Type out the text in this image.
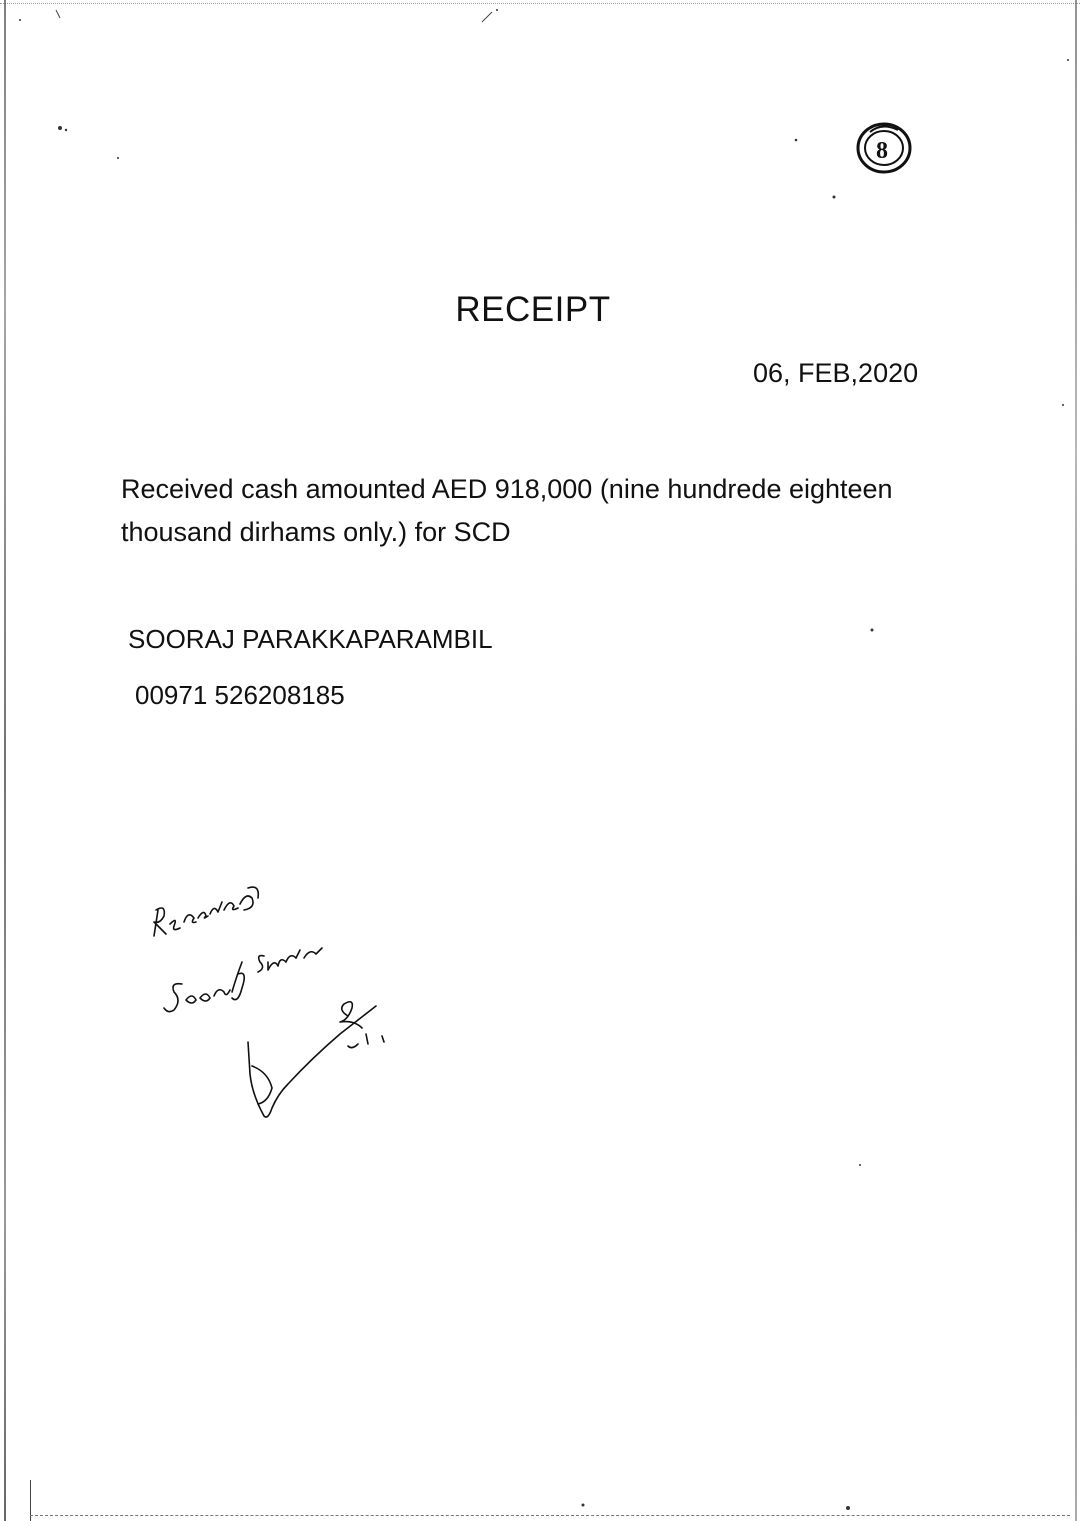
8
RECEIPT
06, FEB,2020
Received cash amounted AED 918,000 (nine hundrede eighteen
thousand dirhams only.) for SCD
SOORAJ PARAKKAPARAMBIL
00971 526208185
